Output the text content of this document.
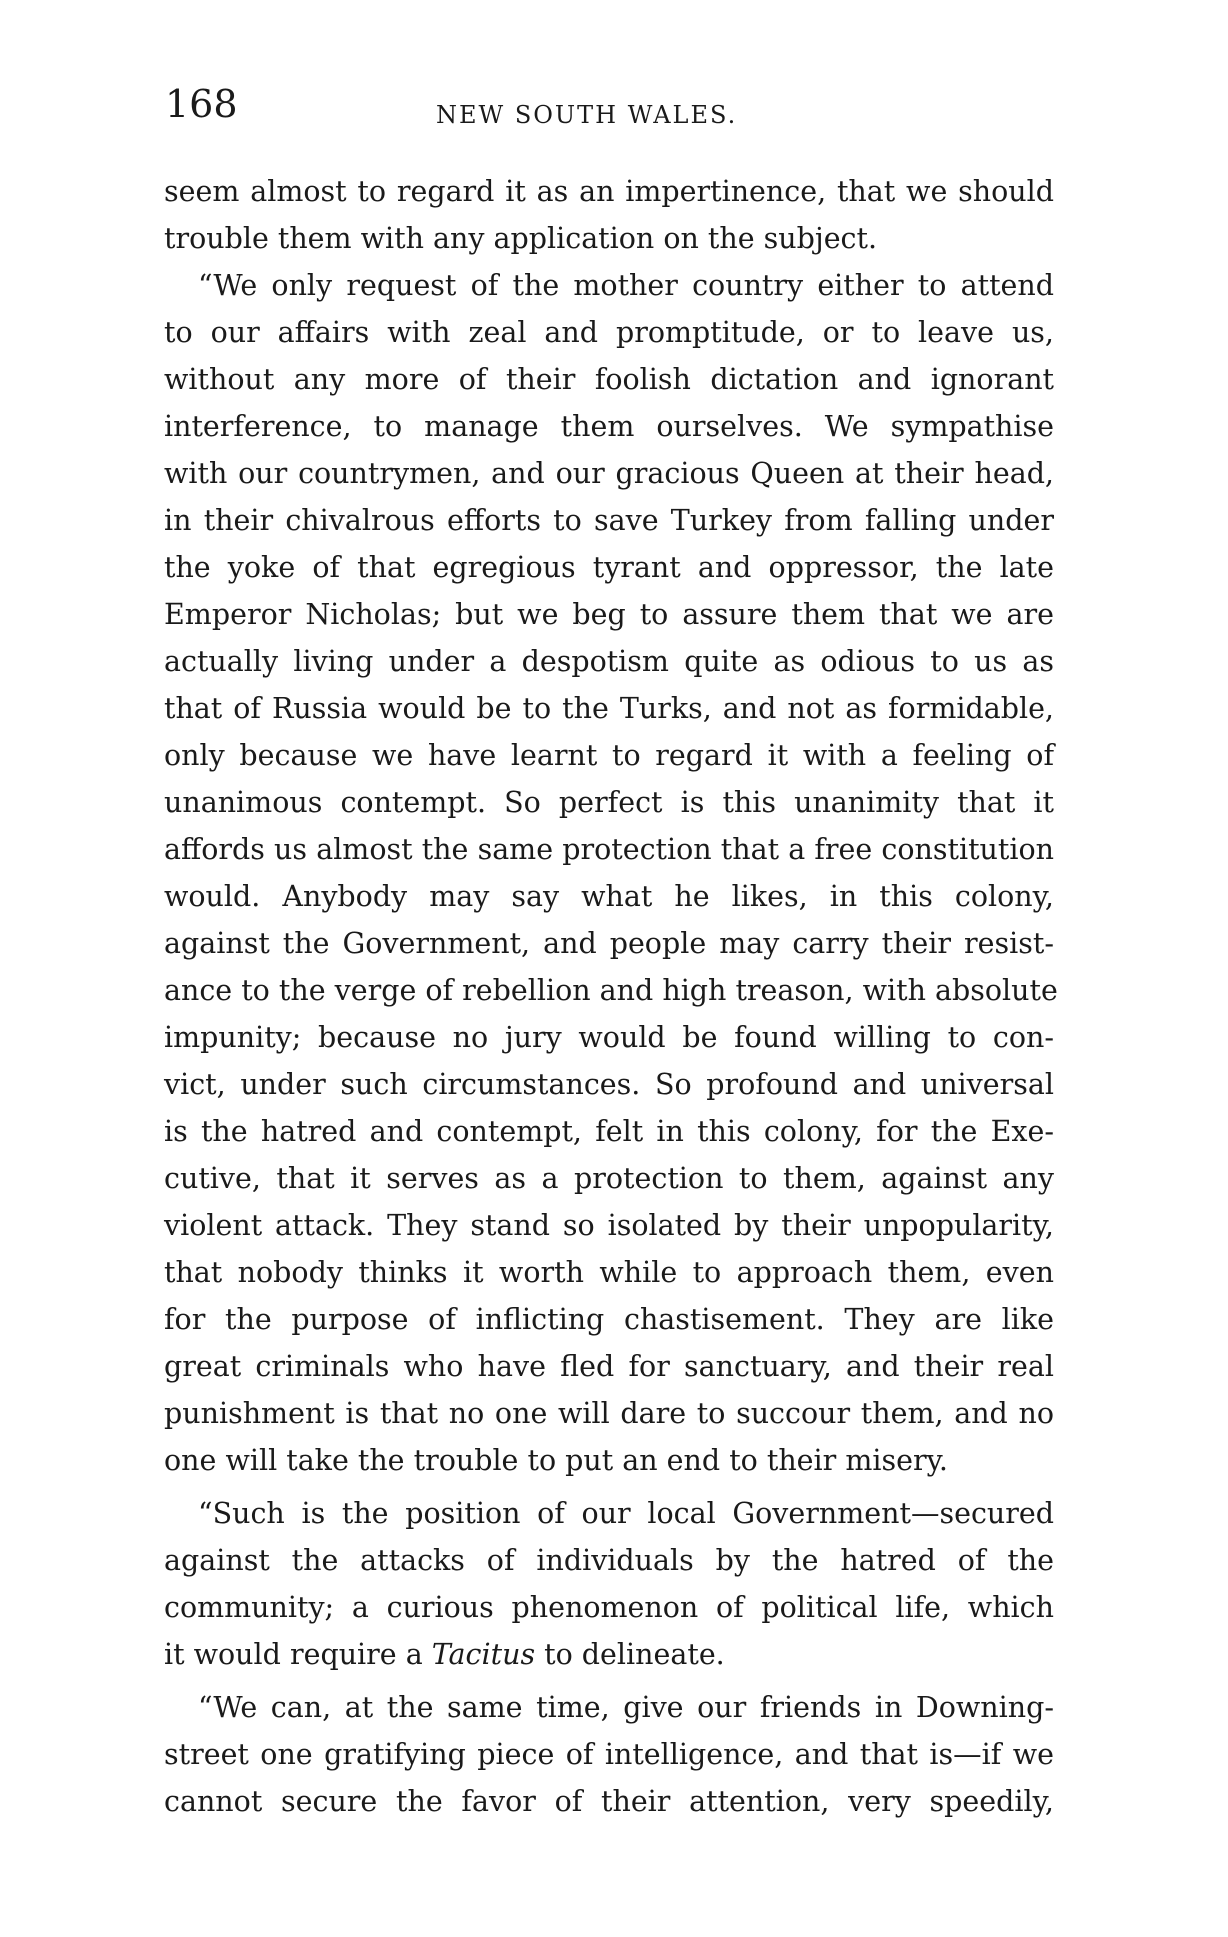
168	NEW SOUTH WALES.
seem almost to regard it as an impertinence, that we should
trouble them with any application on the subject.
“We only request of the mother country either to attend
to our affairs with zeal and promptitude, or to leave us,
without any more of their foolish dictation and ignorant
interference, to manage them ourselves. We sympathise
with our countrymen, and our gracious Queen at their head,
in their chivalrous efforts to save Turkey from falling under
the yoke of that egregious tyrant and oppressor, the late
Emperor Nicholas; but we beg to assure them that we are
actually living under a despotism quite as odious to us as
that of Russia would be to the Turks, and not as formidable,
only because we have learnt to regard it with a feeling of
unanimous contempt. So perfect is this unanimity that it
affords us almost the same protection that a free constitution
would. Anybody may say what he likes, in this colony,
against the Government, and people may carry their resist-
ance to the verge of rebellion and high treason, with absolute
impunity; because no jury would be found willing to con-
vict, under such circumstances. So profound and universal
is the hatred and contempt, felt in this colony, for the Exe-
cutive, that it serves as a protection to them, against any
violent attack. They stand so isolated by their unpopularity,
that nobody thinks it worth while to approach them, even
for the purpose of inflicting chastisement. They are like
great criminals who have fled for sanctuary, and their real
punishment is that no one will dare to succour them, and no
one will take the trouble to put an end to their misery.
“Such is the position of our local Government—secured
against the attacks of individuals by the hatred of the
community; a curious phenomenon of political life, which
it would require a Tacitus to delineate.
“We can, at the same time, give our friends in Downing-
street one gratifying piece of intelligence, and that is—if we
cannot secure the favor of their attention, very speedily,
